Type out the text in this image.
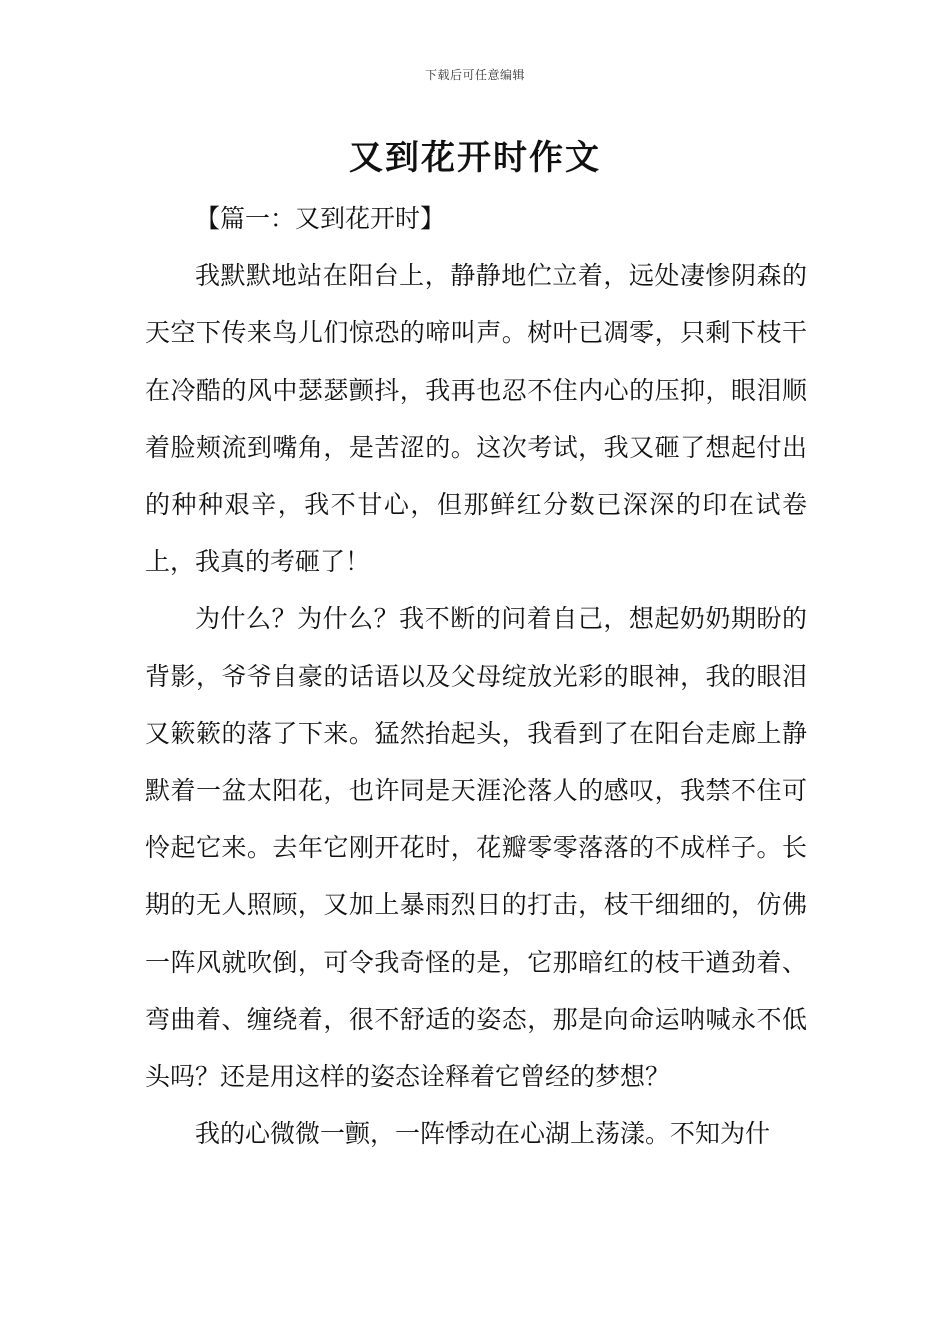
下载后可任意编辑
又到花开时作文
【篇一：又到花开时】

我默默地站在阳台上，静静地伫立着，远处凄惨阴森的天空下传来鸟儿们惊恐的啼叫声。树叶已凋零，只剩下枝干在冷酷的风中瑟瑟颤抖，我再也忍不住内心的压抑，眼泪顺着脸颊流到嘴角，是苦涩的。这次考试，我又砸了想起付出的种种艰辛，我不甘心，但那鲜红分数已深深的印在试卷上，我真的考砸了！

为什么？为什么？我不断的问着自己，想起奶奶期盼的背影，爷爷自豪的话语以及父母绽放光彩的眼神，我的眼泪又簌簌的落了下来。猛然抬起头，我看到了在阳台走廊上静默着一盆太阳花，也许同是天涯沦落人的感叹，我禁不住可怜起它来。去年它刚开花时，花瓣零零落落的不成样子。长期的无人照顾，又加上暴雨烈日的打击，枝干细细的，仿佛一阵风就吹倒，可令我奇怪的是，它那暗红的枝干遒劲着、弯曲着、缠绕着，很不舒适的姿态，那是向命运呐喊永不低头吗？还是用这样的姿态诠释着它曾经的梦想？

我的心微微一颤，一阵悸动在心湖上荡漾。不知为什
